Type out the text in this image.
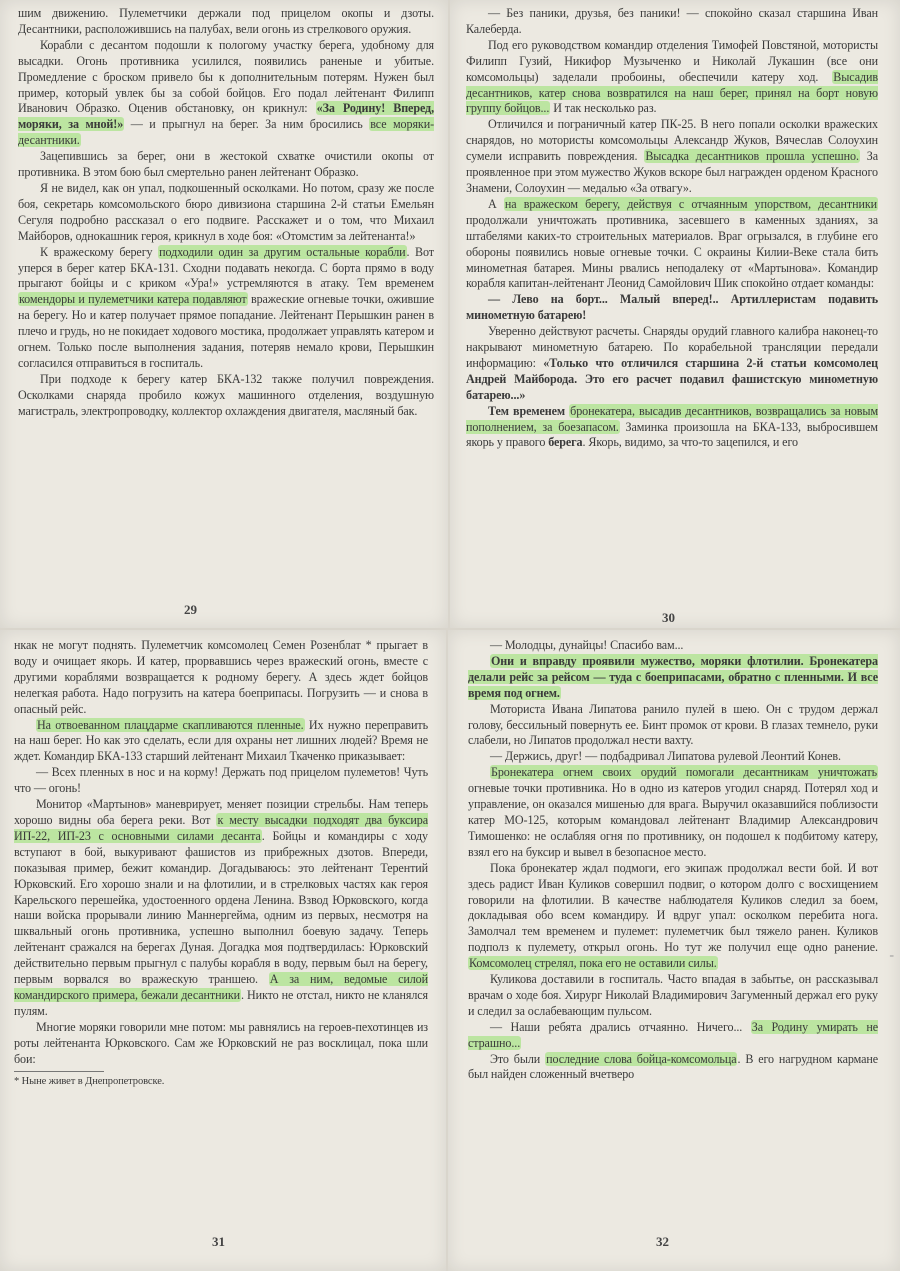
шим движению. Пулеметчики держали под прицелом окопы и дзоты. Десантники, расположившись на палубах, вели огонь из стрелкового оружия.

Корабли с десантом подошли к пологому участку берега, удобному для высадки. Огонь противника усилился, появились раненые и убитые. Промедление с броском привело бы к дополнительным потерям. Нужен был пример, который увлек бы за собой бойцов. Его подал лейтенант Филипп Иванович Образко. Оценив обстановку, он крикнул: «За Родину! Вперед, моряки, за мной!» — и прыгнул на берег. За ним бросились все моряки-десантники.

Зацепившись за берег, они в жестокой схватке очистили окопы от противника. В этом бою был смертельно ранен лейтенант Образко.

Я не видел, как он упал, подкошенный осколками. Но потом, сразу же после боя, секретарь комсомольского бюро дивизиона старшина 2-й статьи Емельян Сегуля подробно рассказал о его подвиге. Расскажет и о том, что Михаил Майборов, однокашник героя, крикнул в ходе боя: «Отомстим за лейтенанта!»

К вражескому берегу подходили один за другим остальные корабли. Вот уперся в берег катер БКА-131. Сходни подавать некогда. С борта прямо в воду прыгают бойцы и с криком «Ура!» устремляются в атаку. Тем временем комендоры и пулеметчики катера подавляют вражеские огневые точки, ожившие на берегу. Но и катер получает прямое попадание. Лейтенант Перышкин ранен в плечо и грудь, но не покидает ходового мостика, продолжает управлять катером и огнем. Только после выполнения задания, потеряв немало крови, Перышкин согласился отправиться в госпиталь.

При подходе к берегу катер БКА-132 также получил повреждения. Осколками снаряда пробило кожух машинного отделения, воздушную магистраль, электропроводку, коллектор охлаждения двигателя, масляный бак.

29

— Без паники, друзья, без паники! — спокойно сказал старшина Иван Калеберда.

Под его руководством командир отделения Тимофей Повстяной, мотористы Филипп Гузий, Никифор Музыченко и Николай Лукашин (все они комсомольцы) заделали пробоины, обеспечили катеру ход. Высадив десантников, катер снова возвратился на наш берег, принял на борт новую группу бойцов... И так несколько раз.

Отличился и пограничный катер ПК-25. В него попали осколки вражеских снарядов, но мотористы комсомольцы Александр Жуков, Вячеслав Солоухин сумели исправить повреждения. Высадка десантников прошла успешно. За проявленное при этом мужество Жуков вскоре был награжден орденом Красного Знамени, Солоухин — медалью «За отвагу».

А на вражеском берегу, действуя с отчаянным упорством, десантники продолжали уничтожать противника, засевшего в каменных зданиях, за штабелями каких-то строительных материалов. Враг огрызался, в глубине его обороны появились новые огневые точки. С окраины Килии-Веке стала бить минометная батарея. Мины рвались неподалеку от «Мартынова». Командир корабля капитан-лейтенант Леонид Самойлович Шик спокойно отдает команды:

— Лево на борт... Малый вперед!.. Артиллеристам подавить минометную батарею!

Уверенно действуют расчеты. Снаряды орудий главного калибра наконец-то накрывают минометную батарею. По корабельной трансляции передали информацию: «Только что отличился старшина 2-й статьи комсомолец Андрей Майборода. Это его расчет подавил фашистскую минометную батарею...»

Тем временем бронекатера, высадив десантников, возвращались за новым пополнением, за боезапасом. Заминка произошла на БКА-133, выбросившем якорь у правого берега. Якорь, видимо, за что-то зацепился, и его

30

нкак не могут поднять. Пулеметчик комсомолец Семен Розенблат * прыгает в воду и очищает якорь. И катер, прорвавшись через вражеский огонь, вместе с другими кораблями возвращается к родному берегу. А здесь ждет бойцов нелегкая работа. Надо погрузить на катера боеприпасы. Погрузить — и снова в опасный рейс.

На отвоеванном плацдарме скапливаются пленные. Их нужно переправить на наш берег. Но как это сделать, если для охраны нет лишних людей? Время не ждет. Командир БКА-133 старший лейтенант Михаил Ткаченко приказывает:

— Всех пленных в нос и на корму! Держать под прицелом пулеметов! Чуть что — огонь!

Монитор «Мартынов» маневрирует, меняет позиции стрельбы. Нам теперь хорошо видны оба берега реки. Вот к месту высадки подходят два буксира ИП-22, ИП-23 с основными силами десанта. Бойцы и командиры с ходу вступают в бой, выкуривают фашистов из прибрежных дзотов. Впереди, показывая пример, бежит командир. Догадываюсь: это лейтенант Терентий Юрковский. Его хорошо знали и на флотилии, и в стрелковых частях как героя Карельского перешейка, удостоенного ордена Ленина. Взвод Юрковского, когда наши войска прорывали линию Маннергейма, одним из первых, несмотря на шквальный огонь противника, успешно выполнил боевую задачу. Теперь лейтенант сражался на берегах Дуная. Догадка моя подтвердилась: Юрковский действительно первым прыгнул с палубы корабля в воду, первым был на берегу, первым ворвался во вражескую траншею. А за ним, ведомые силой командирского примера, бежали десантники. Никто не отстал, никто не кланялся пулям.

Многие моряки говорили мне потом: мы равнялись на героев-пехотинцев из роты лейтенанта Юрковского. Сам же Юрковский не раз восклицал, пока шли бои:

* Ныне живет в Днепропетровске.

31

— Молодцы, дунайцы! Спасибо вам...

Они и вправду проявили мужество, моряки флотилии. Бронекатера делали рейс за рейсом — туда с боеприпасами, обратно с пленными. И все время под огнем.

Моториста Ивана Липатова ранило пулей в шею. Он с трудом держал голову, бессильный повернуть ее. Бинт промок от крови. В глазах темнело, руки слабели, но Липатов продолжал нести вахту.

— Держись, друг! — подбадривал Липатова рулевой Леонтий Конев.

Бронекатера огнем своих орудий помогали десантникам уничтожать огневые точки противника. Но в одно из катеров угодил снаряд. Потерял ход и управление, он оказался мишенью для врага. Выручил оказавшийся поблизости катер МО-125, которым командовал лейтенант Владимир Александрович Тимошенко: не ослабляя огня по противнику, он подошел к подбитому катеру, взял его на буксир и вывел в безопасное место.

Пока бронекатер ждал подмоги, его экипаж продолжал вести бой. И вот здесь радист Иван Куликов совершил подвиг, о котором долго с восхищением говорили на флотилии. В качестве наблюдателя Куликов следил за боем, докладывая обо всем командиру. И вдруг упал: осколком перебита нога. Замолчал тем временем и пулемет: пулеметчик был тяжело ранен. Куликов подполз к пулемету, открыл огонь. Но тут же получил еще одно ранение. Комсомолец стрелял, пока его не оставили силы.

Куликова доставили в госпиталь. Часто впадая в забытье, он рассказывал врачам о ходе боя. Хирург Николай Владимирович Загуменный держал его руку и следил за ослабевающим пульсом.

— Наши ребята дрались отчаянно. Ничего... За Родину умирать не страшно...

Это были последние слова бойца-комсомольца. В его нагрудном кармане был найден сложенный вчетверо

32
-
